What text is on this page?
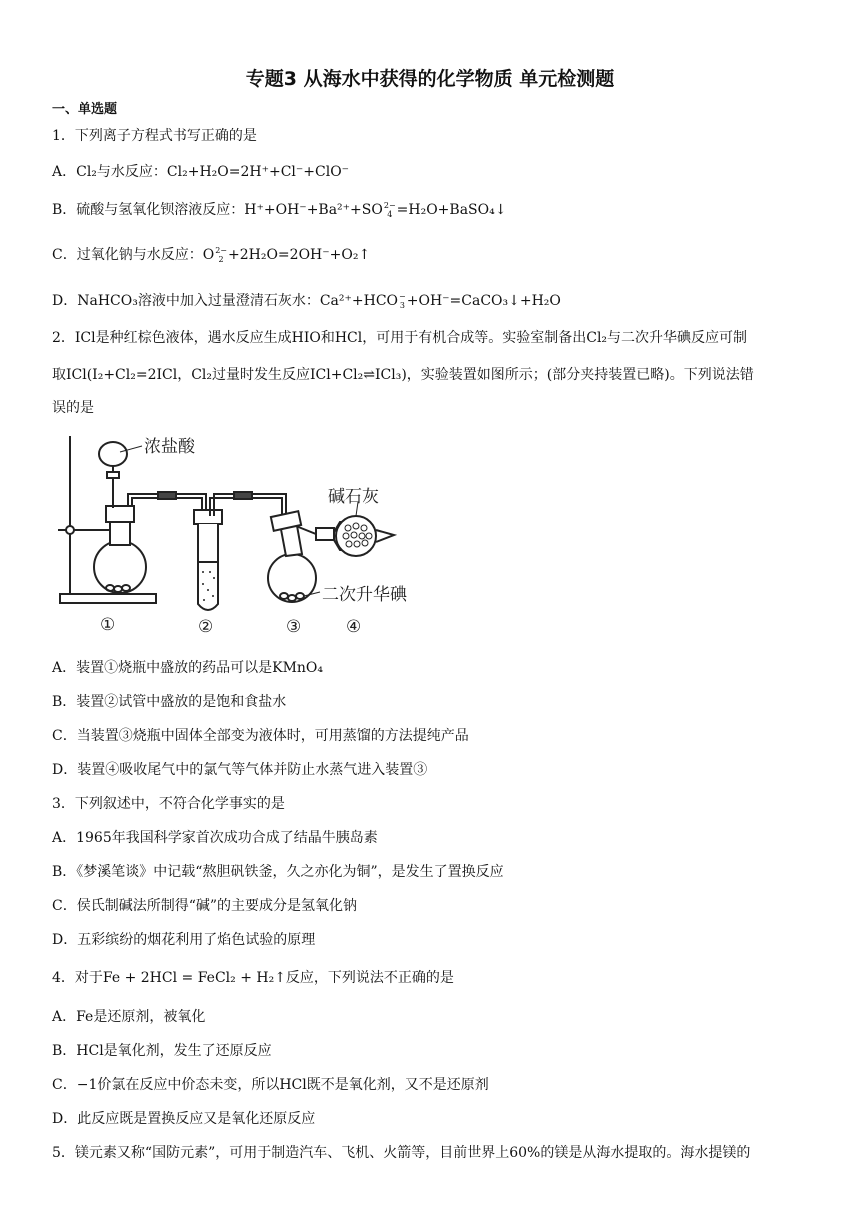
专题3 从海水中获得的化学物质 单元检测题
一、单选题
1．下列离子方程式书写正确的是
A．Cl₂与水反应：Cl₂+H₂O=2H⁺+Cl⁻+ClO⁻
B．硫酸与氢氧化钡溶液反应：H⁺+OH⁻+Ba²⁺+SO 2−
4 =H₂O+BaSO₄↓
C．过氧化钠与水反应：O 2−
2 +2H₂O=2OH⁻+O₂↑
D．NaHCO₃溶液中加入过量澄清石灰水：Ca²⁺+HCO −
3 +OH⁻=CaCO₃↓+H₂O
2．ICl是种红棕色液体，遇水反应生成HIO和HCl，可用于有机合成等。实验室制备出Cl₂与二次升华碘反应可制
取ICl(I₂+Cl₂=2ICl，Cl₂过量时发生反应ICl+Cl₂⇌ICl₃)，实验装置如图所示；(部分夹持装置已略)。下列说法错
误的是
浓盐酸
碱石灰
二次升华碘
①	②	③	④
A．装置①烧瓶中盛放的药品可以是KMnO₄
B．装置②试管中盛放的是饱和食盐水
C．当装置③烧瓶中固体全部变为液体时，可用蒸馏的方法提纯产品
D．装置④吸收尾气中的氯气等气体并防止水蒸气进入装置③
3．下列叙述中，不符合化学事实的是
A．1965年我国科学家首次成功合成了结晶牛胰岛素
B．《梦溪笔谈》中记载“熬胆矾铁釜，久之亦化为铜”，是发生了置换反应
C．侯氏制碱法所制得“碱”的主要成分是氢氧化钠
D．五彩缤纷的烟花利用了焰色试验的原理
4．对于Fe + 2HCl = FeCl₂ + H₂↑反应，下列说法不正确的是
A．Fe是还原剂，被氧化
B．HCl是氧化剂，发生了还原反应
C．−1价氯在反应中价态未变，所以HCl既不是氧化剂，又不是还原剂
D．此反应既是置换反应又是氧化还原反应
5．镁元素又称“国防元素”，可用于制造汽车、飞机、火箭等，目前世界上60%的镁是从海水提取的。海水提镁的
